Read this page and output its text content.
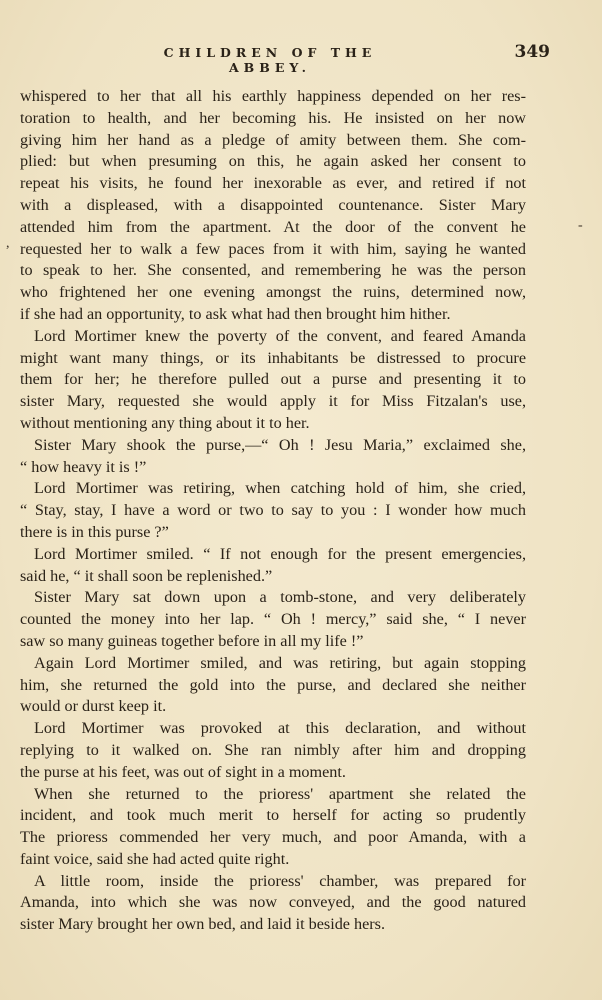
CHILDREN OF THE ABBEY.
349
,
-
whispered to her that all his earthly happiness depended on her res-
toration to health, and her becoming his. He insisted on her now
giving him her hand as a pledge of amity between them. She com-
plied: but when presuming on this, he again asked her consent to
repeat his visits, he found her inexorable as ever, and retired if not
with a displeased, with a disappointed countenance. Sister Mary
attended him from the apartment. At the door of the convent he
requested her to walk a few paces from it with him, saying he wanted
to speak to her. She consented, and remembering he was the person
who frightened her one evening amongst the ruins, determined now,
if she had an opportunity, to ask what had then brought him hither.
Lord Mortimer knew the poverty of the convent, and feared Amanda
might want many things, or its inhabitants be distressed to procure
them for her; he therefore pulled out a purse and presenting it to
sister Mary, requested she would apply it for Miss Fitzalan's use,
without mentioning any thing about it to her.
Sister Mary shook the purse,—“ Oh ! Jesu Maria,” exclaimed she,
“ how heavy it is !”
Lord Mortimer was retiring, when catching hold of him, she cried,
“ Stay, stay, I have a word or two to say to you : I wonder how much
there is in this purse ?”
Lord Mortimer smiled. “ If not enough for the present emergencies,
said he, “ it shall soon be replenished.”
Sister Mary sat down upon a tomb-stone, and very deliberately
counted the money into her lap. “ Oh ! mercy,” said she, “ I never
saw so many guineas together before in all my life !”
Again Lord Mortimer smiled, and was retiring, but again stopping
him, she returned the gold into the purse, and declared she neither
would or durst keep it.
Lord Mortimer was provoked at this declaration, and without
replying to it walked on. She ran nimbly after him and dropping
the purse at his feet, was out of sight in a moment.
When she returned to the prioress' apartment she related the
incident, and took much merit to herself for acting so prudently
The prioress commended her very much, and poor Amanda, with a
faint voice, said she had acted quite right.
A little room, inside the prioress' chamber, was prepared for
Amanda, into which she was now conveyed, and the good natured
sister Mary brought her own bed, and laid it beside hers.
